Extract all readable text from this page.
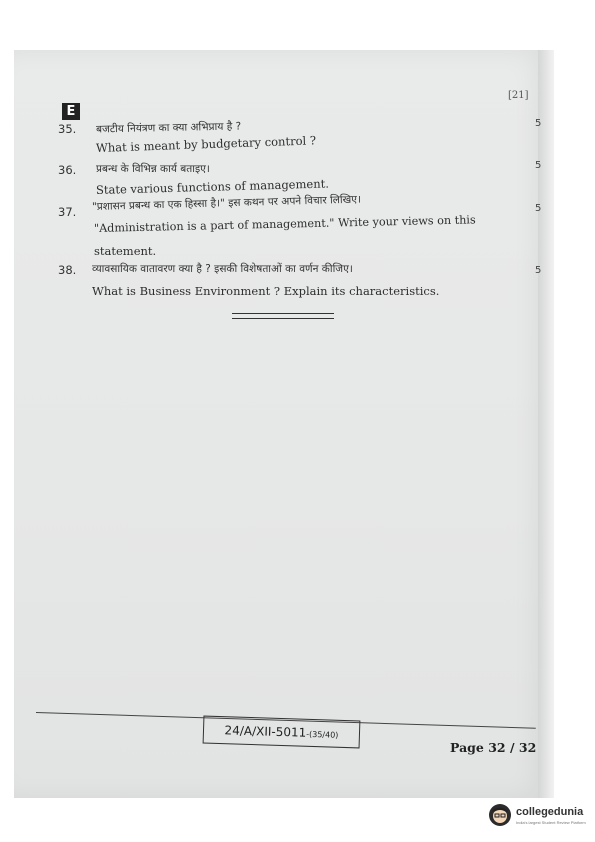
[21]
E
35. बजटीय नियंत्रण का क्या अभिप्राय है ?
What is meant by budgetary control ?
5
36. प्रबन्ध के विभिन्न कार्य बताइए।
State various functions of management.
5
37. "प्रशासन प्रबन्ध का एक हिस्सा है।" इस कथन पर अपने विचार लिखिए।
"Administration is a part of management." Write your views on this
statement.
5
38. व्यावसायिक वातावरण क्या है ? इसकी विशेषताओं का वर्णन कीजिए।
What is Business Environment ? Explain its characteristics.
5
24/A/XII-5011-(35/40)
Page 32 / 32
collegedunia
India's largest Student Review Platform
